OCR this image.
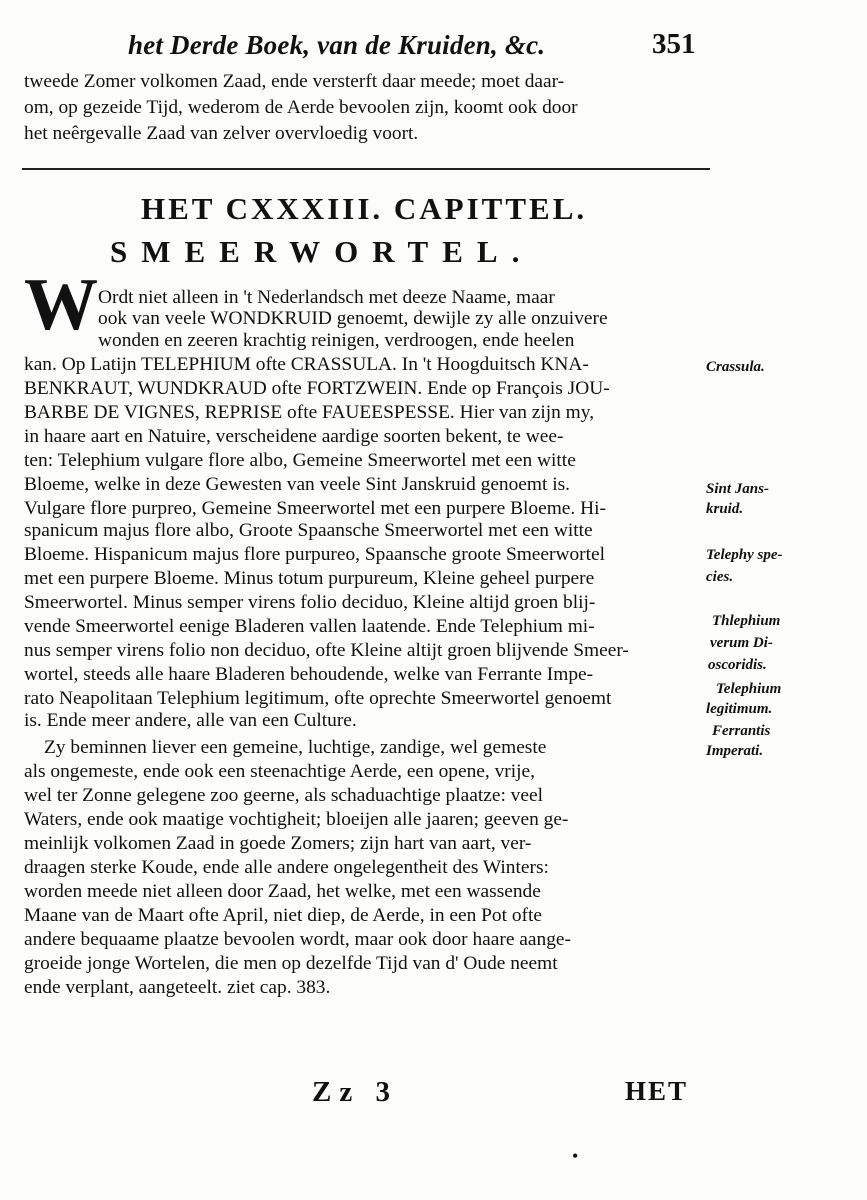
het Derde Boek, van de Kruiden, &c.	351
tweede Zomer volkomen Zaad, ende versterft daar meede; moet daar-
om, op gezeide Tijd, wederom de Aerde bevoolen zijn, koomt ook door
het neêrgevalle Zaad van zelver overvloedig voort.
HET CXXXIII. CAPITTEL.
SMEERWORTEL.
W Ordt niet alleen in 't Nederlandsch met deeze Naame, maar
ook van veele WONDKRUID genoemt, dewijle zy alle onzuivere
wonden en zeeren krachtig reinigen, verdroogen, ende heelen
kan. Op Latijn TELEPHIUM ofte CRASSULA. In 't Hoogduitsch KNA-
BENKRAUT, WUNDKRAUD ofte FORTZWEIN. Ende op François JOU-
BARBE DE VIGNES, REPRISE ofte FAUEESPESSE. Hier van zijn my,
in haare aart en Natuire, verscheidene aardige soorten bekent, te wee-
ten: Telephium vulgare flore albo, Gemeine Smeerwortel met een witte
Bloeme, welke in deze Gewesten van veele Sint Janskruid genoemt is.
Vulgare flore purpreo, Gemeine Smeerwortel met een purpere Bloeme. Hi-
spanicum majus flore albo, Groote Spaansche Smeerwortel met een witte
Bloeme. Hispanicum majus flore purpureo, Spaansche groote Smeerwortel
met een purpere Bloeme. Minus totum purpureum, Kleine geheel purpere
Smeerwortel. Minus semper virens folio deciduo, Kleine altijd groen blij-
vende Smeerwortel eenige Bladeren vallen laatende. Ende Telephium mi-
nus semper virens folio non deciduo, ofte Kleine altijt groen blijvende Smeer-
wortel, steeds alle haare Bladeren behoudende, welke van Ferrante Impe-
rato Neapolitaan Telephium legitimum, ofte oprechte Smeerwortel genoemt
is. Ende meer andere, alle van een Culture.
Zy beminnen liever een gemeine, luchtige, zandige, wel gemeste
als ongemeste, ende ook een steenachtige Aerde, een opene, vrije,
wel ter Zonne gelegene zoo geerne, als schaduachtige plaatze: veel
Waters, ende ook maatige vochtigheit; bloeijen alle jaaren; geeven ge-
meinlijk volkomen Zaad in goede Zomers; zijn hart van aart, ver-
draagen sterke Koude, ende alle andere ongelegentheit des Winters:
worden meede niet alleen door Zaad, het welke, met een wassende
Maane van de Maart ofte April, niet diep, de Aerde, in een Pot ofte
andere bequaame plaatze bevoolen wordt, maar ook door haare aange-
groeide jonge Wortelen, die men op dezelfde Tijd van d' Oude neemt
ende verplant, aangeteelt. ziet cap. 383.
Crassula.
Sint Jans-
kruid.
Telephy spe-
cies.
Thlephium
verum Di-
oscoridis.
Telephium
legitimum.
Ferrantis
Imperati.
Zz 3	HET
•
